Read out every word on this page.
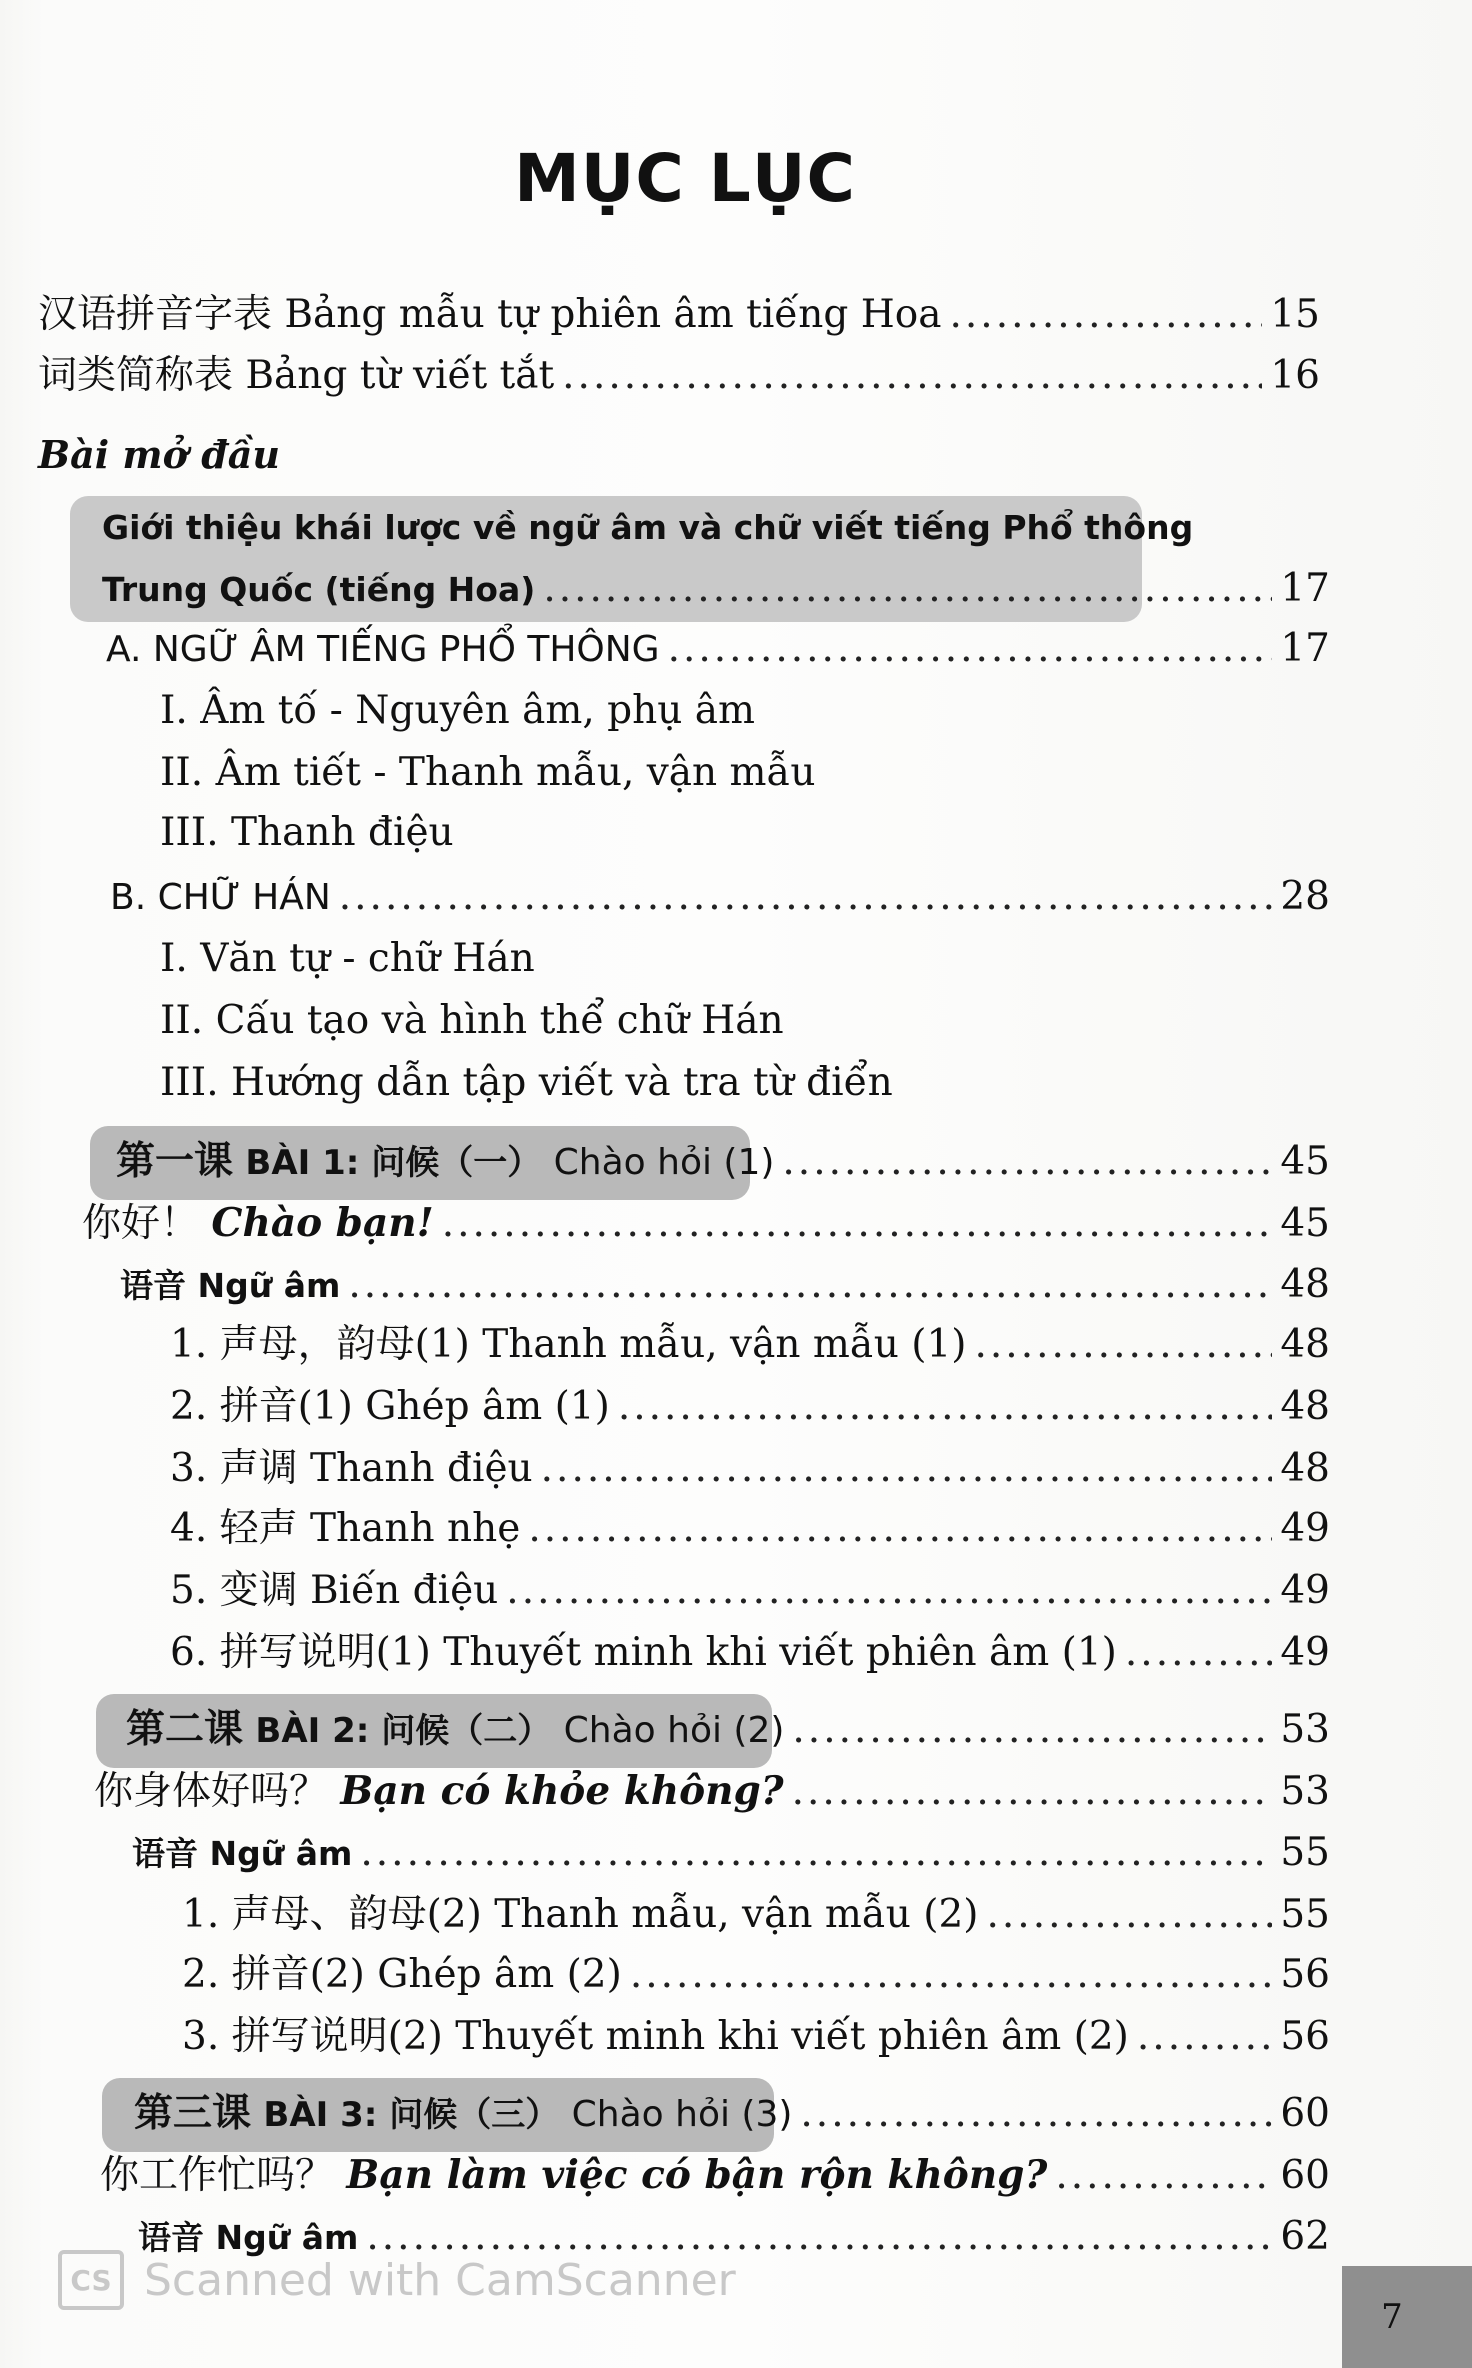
MỤC LỤC
汉语拼音字表 Bảng mẫu tự phiên âm tiếng Hoa .....	15
词类简称表 Bảng từ viết tắt .....	16
Bài mở đầu
Giới thiệu khái lược về ngữ âm và chữ viết tiếng Phổ thông
Trung Quốc (tiếng Hoa) .....	17
A. NGỮ ÂM TIẾNG PHỔ THÔNG .....	17
I. Âm tố - Nguyên âm, phụ âm
II. Âm tiết - Thanh mẫu, vận mẫu
III. Thanh điệu
B. CHỮ HÁN .....	28
I. Văn tự - chữ Hán
II. Cấu tạo và hình thể chữ Hán
III. Hướng dẫn tập viết và tra từ điển
第一课 BÀI 1: 问候（一） Chào hỏi (1) .....	45
你好！ Chào bạn! .....	45
语音 Ngữ âm .....	48
1. 声母，韵母(1) Thanh mẫu, vận mẫu (1) .....	48
2. 拼音(1) Ghép âm (1) .....	48
3. 声调 Thanh điệu .....	48
4. 轻声 Thanh nhẹ .....	49
5. 变调 Biến điệu .....	49
6. 拼写说明(1) Thuyết minh khi viết phiên âm (1) .....	49
第二课 BÀI 2: 问候（二） Chào hỏi (2) .....	53
你身体好吗？ Bạn có khỏe không? .....	53
语音 Ngữ âm .....	55
1. 声母、韵母(2) Thanh mẫu, vận mẫu (2) .....	55
2. 拼音(2) Ghép âm (2) .....	56
3. 拼写说明(2) Thuyết minh khi viết phiên âm (2) .....	56
第三课 BÀI 3: 问候（三） Chào hỏi (3) .....	60
你工作忙吗？ Bạn làm việc có bận rộn không? .....	60
语音 Ngữ âm .....	62
CS Scanned with CamScanner
7
